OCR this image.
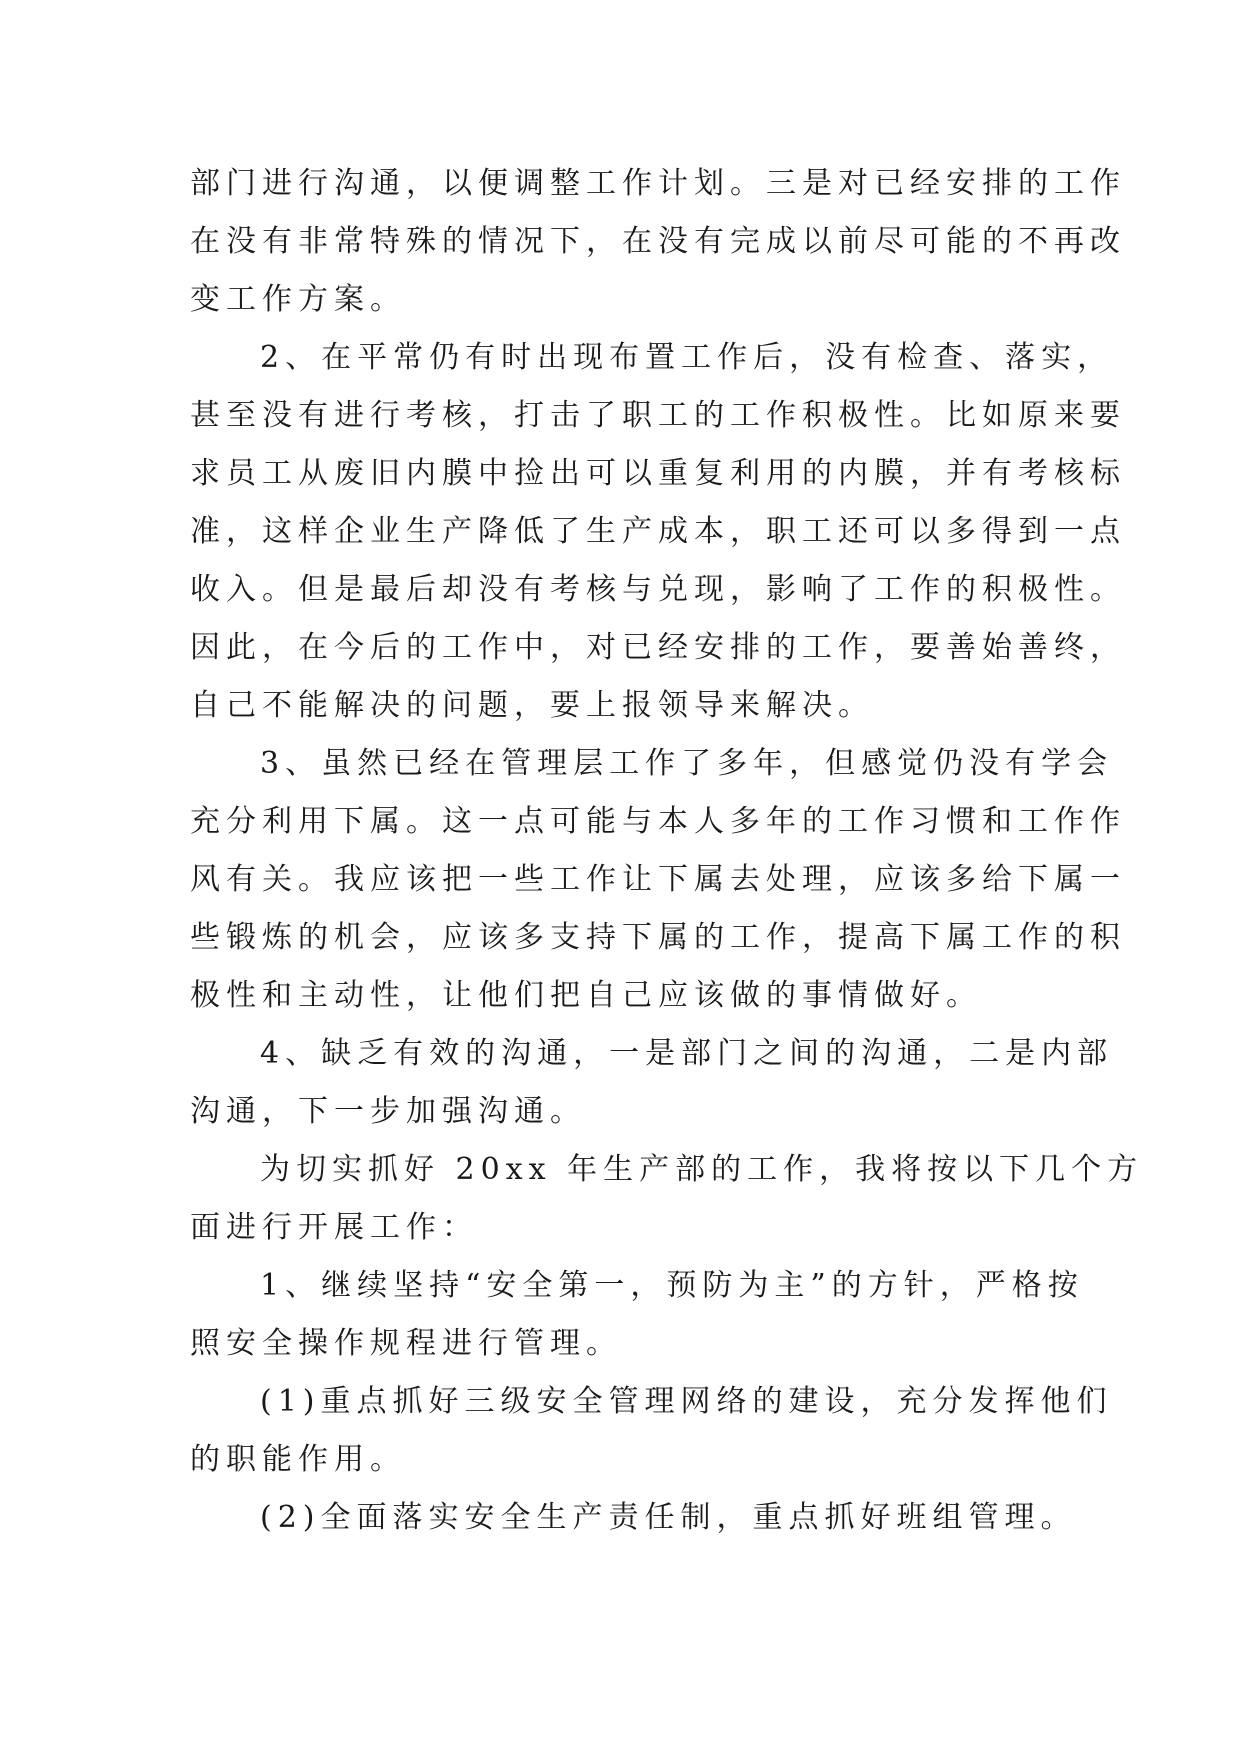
部门进行沟通，以便调整工作计划。三是对已经安排的工作
在没有非常特殊的情况下，在没有完成以前尽可能的不再改
变工作方案。
2、在平常仍有时出现布置工作后，没有检查、落实，
甚至没有进行考核，打击了职工的工作积极性。比如原来要
求员工从废旧内膜中捡出可以重复利用的内膜，并有考核标
准，这样企业生产降低了生产成本，职工还可以多得到一点
收入。但是最后却没有考核与兑现，影响了工作的积极性。
因此，在今后的工作中，对已经安排的工作，要善始善终，
自己不能解决的问题，要上报领导来解决。
3、虽然已经在管理层工作了多年，但感觉仍没有学会
充分利用下属。这一点可能与本人多年的工作习惯和工作作
风有关。我应该把一些工作让下属去处理，应该多给下属一
些锻炼的机会，应该多支持下属的工作，提高下属工作的积
极性和主动性，让他们把自己应该做的事情做好。
4、缺乏有效的沟通，一是部门之间的沟通，二是内部
沟通，下一步加强沟通。
为切实抓好 20xx 年生产部的工作，我将按以下几个方
面进行开展工作：
1、继续坚持“安全第一，预防为主”的方针，严格按
照安全操作规程进行管理。
(1)重点抓好三级安全管理网络的建设，充分发挥他们
的职能作用。
(2)全面落实安全生产责任制，重点抓好班组管理。
